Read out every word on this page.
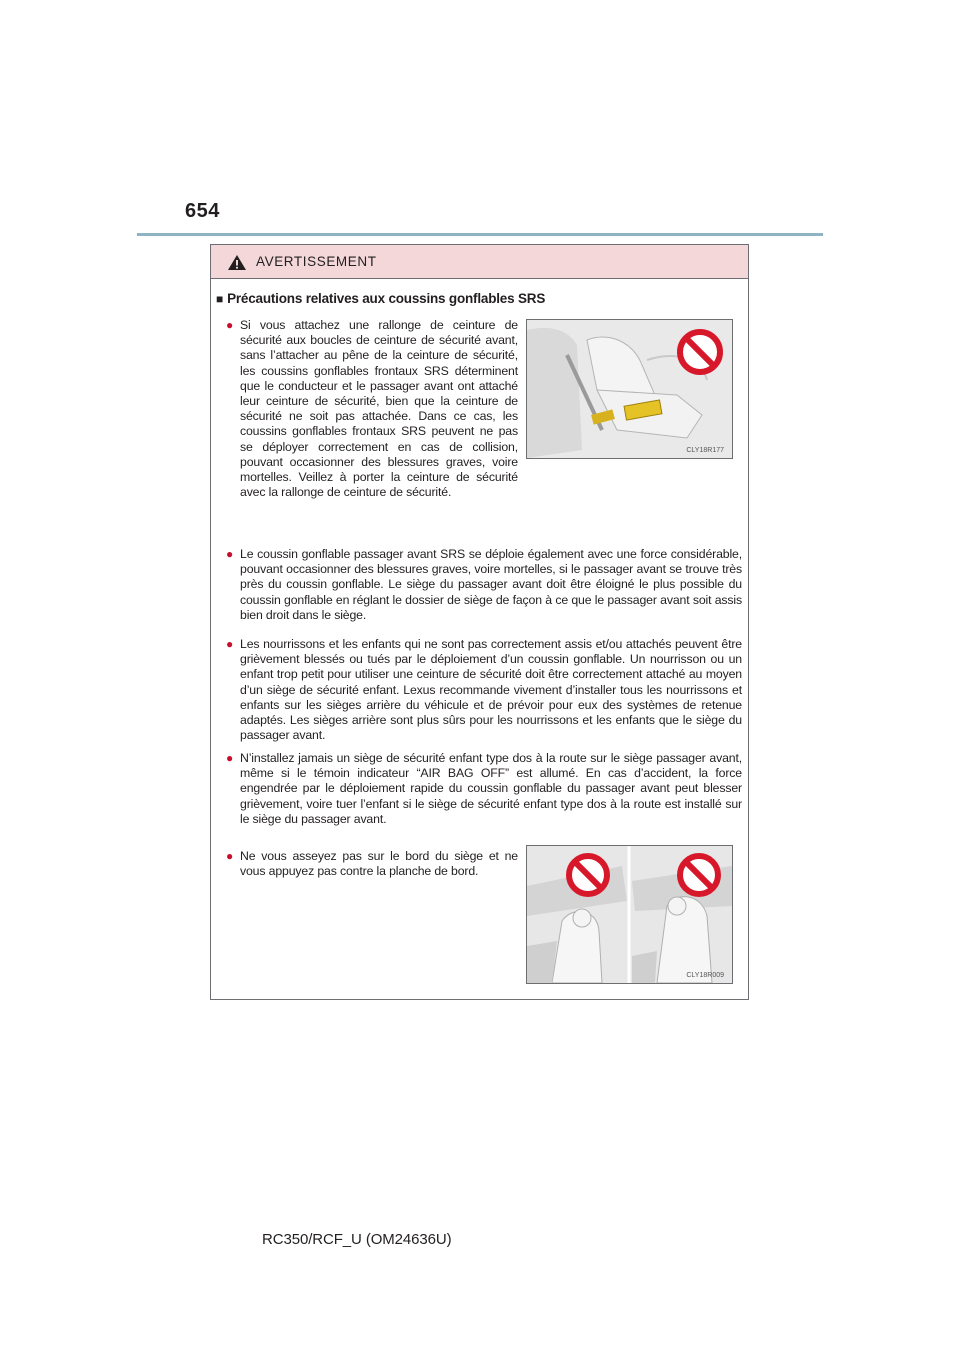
654
AVERTISSEMENT
■ Précautions relatives aux coussins gonflables SRS
● Si vous attachez une rallonge de ceinture de sécurité aux boucles de ceinture de sécurité avant, sans l’attacher au pêne de la ceinture de sécurité, les coussins gonflables frontaux SRS déterminent que le conducteur et le passager avant ont attaché leur ceinture de sécurité, bien que la ceinture de sécurité ne soit pas attachée. Dans ce cas, les coussins gonflables frontaux SRS peuvent ne pas se déployer correctement en cas de collision, pouvant occasionner des blessures graves, voire mortelles. Veillez à porter la ceinture de sécurité avec la rallonge de ceinture de sécurité.
CLY18R177
● Le coussin gonflable passager avant SRS se déploie également avec une force considérable, pouvant occasionner des blessures graves, voire mortelles, si le passager avant se trouve très près du coussin gonflable. Le siège du passager avant doit être éloigné le plus possible du coussin gonflable en réglant le dossier de siège de façon à ce que le passager avant soit assis bien droit dans le siège.
● Les nourrissons et les enfants qui ne sont pas correctement assis et/ou attachés peuvent être grièvement blessés ou tués par le déploiement d’un coussin gonflable. Un nourrisson ou un enfant trop petit pour utiliser une ceinture de sécurité doit être correctement attaché au moyen d’un siège de sécurité enfant. Lexus recommande vivement d’installer tous les nourrissons et enfants sur les sièges arrière du véhicule et de prévoir pour eux des systèmes de retenue adaptés. Les sièges arrière sont plus sûrs pour les nourrissons et les enfants que le siège du passager avant.
● N’installez jamais un siège de sécurité enfant type dos à la route sur le siège passager avant, même si le témoin indicateur “AIR BAG OFF” est allumé. En cas d’accident, la force engendrée par le déploiement rapide du coussin gonflable du passager avant peut blesser grièvement, voire tuer l’enfant si le siège de sécurité enfant type dos à la route est installé sur le siège du passager avant.
● Ne vous asseyez pas sur le bord du siège et ne vous appuyez pas contre la planche de bord.
CLY18R009
RC350/RCF_U (OM24636U)
